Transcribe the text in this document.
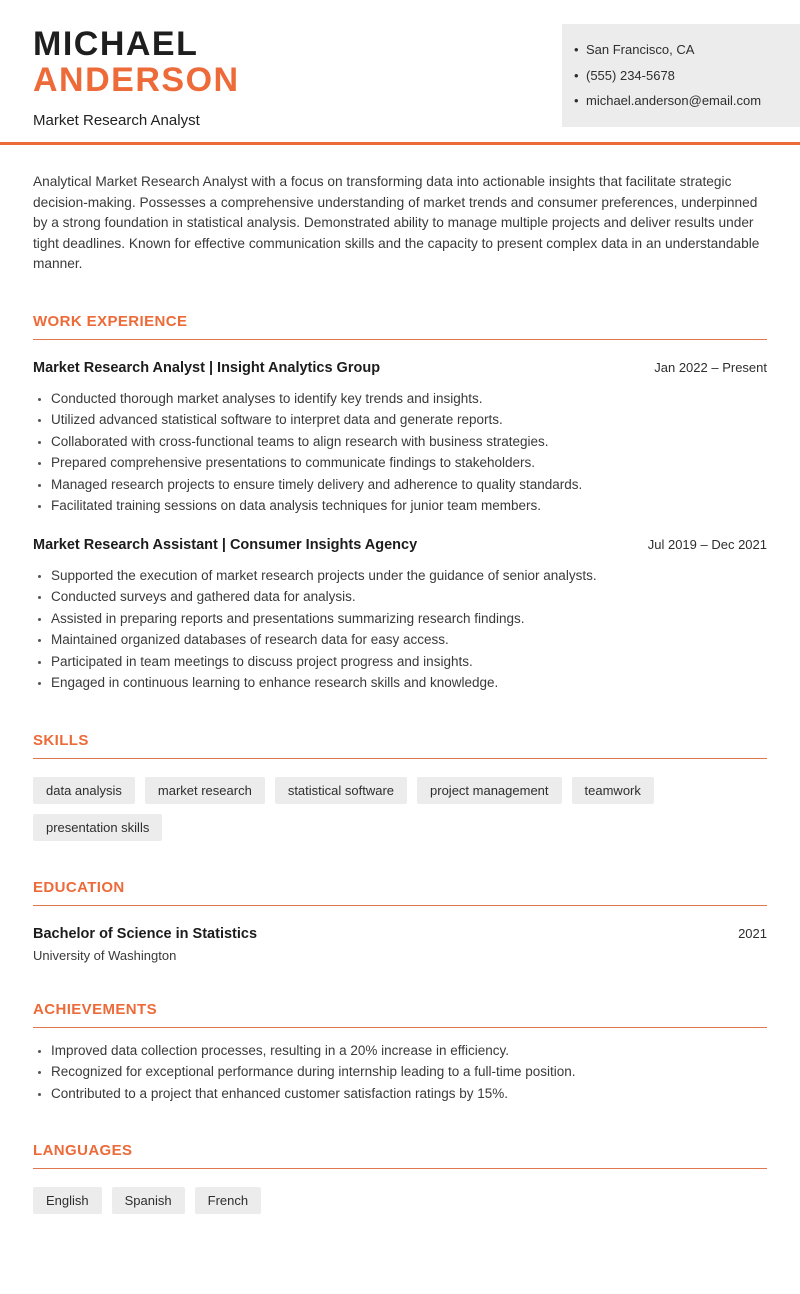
MICHAEL
ANDERSON
Market Research Analyst
• San Francisco, CA
• (555) 234-5678
• michael.anderson@email.com

Analytical Market Research Analyst with a focus on transforming data into actionable insights that facilitate strategic decision-making. Possesses a comprehensive understanding of market trends and consumer preferences, underpinned by a strong foundation in statistical analysis. Demonstrated ability to manage multiple projects and deliver results under tight deadlines. Known for effective communication skills and the capacity to present complex data in an understandable manner.

WORK EXPERIENCE
Market Research Analyst | Insight Analytics Group	Jan 2022 – Present
• Conducted thorough market analyses to identify key trends and insights.
• Utilized advanced statistical software to interpret data and generate reports.
• Collaborated with cross-functional teams to align research with business strategies.
• Prepared comprehensive presentations to communicate findings to stakeholders.
• Managed research projects to ensure timely delivery and adherence to quality standards.
• Facilitated training sessions on data analysis techniques for junior team members.
Market Research Assistant | Consumer Insights Agency	Jul 2019 – Dec 2021
• Supported the execution of market research projects under the guidance of senior analysts.
• Conducted surveys and gathered data for analysis.
• Assisted in preparing reports and presentations summarizing research findings.
• Maintained organized databases of research data for easy access.
• Participated in team meetings to discuss project progress and insights.
• Engaged in continuous learning to enhance research skills and knowledge.
SKILLS
data analysis	market research	statistical software	project management	teamwork
presentation skills
EDUCATION
Bachelor of Science in Statistics	2021
University of Washington
ACHIEVEMENTS
• Improved data collection processes, resulting in a 20% increase in efficiency.
• Recognized for exceptional performance during internship leading to a full-time position.
• Contributed to a project that enhanced customer satisfaction ratings by 15%.
LANGUAGES
English	Spanish	French
